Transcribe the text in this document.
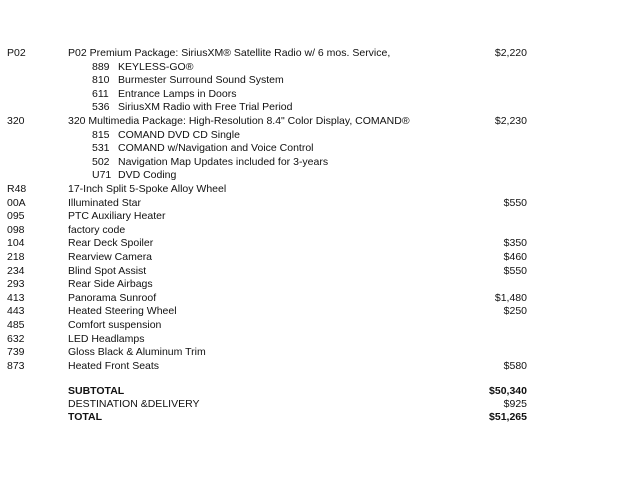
P02	P02 Premium Package: SiriusXM® Satellite Radio w/ 6 mos. Service,	$2,220
889 KEYLESS-GO®
810 Burmester Surround Sound System
611 Entrance Lamps in Doors
536 SiriusXM Radio with Free Trial Period
320	320 Multimedia Package: High-Resolution 8.4" Color Display, COMAND®	$2,230
815 COMAND DVD CD Single
531 COMAND w/Navigation and Voice Control
502 Navigation Map Updates included for 3-years
U71 DVD Coding
R48	17-Inch Split 5-Spoke Alloy Wheel
00A	Illuminated Star	$550
095	PTC Auxiliary Heater
098	factory code
104	Rear Deck Spoiler	$350
218	Rearview Camera	$460
234	Blind Spot Assist	$550
293	Rear Side Airbags
413	Panorama Sunroof	$1,480
443	Heated Steering Wheel	$250
485	Comfort suspension
632	LED Headlamps
739	Gloss Black & Aluminum Trim
873	Heated Front Seats	$580
SUBTOTAL	$50,340
DESTINATION &DELIVERY	$925
TOTAL	$51,265
